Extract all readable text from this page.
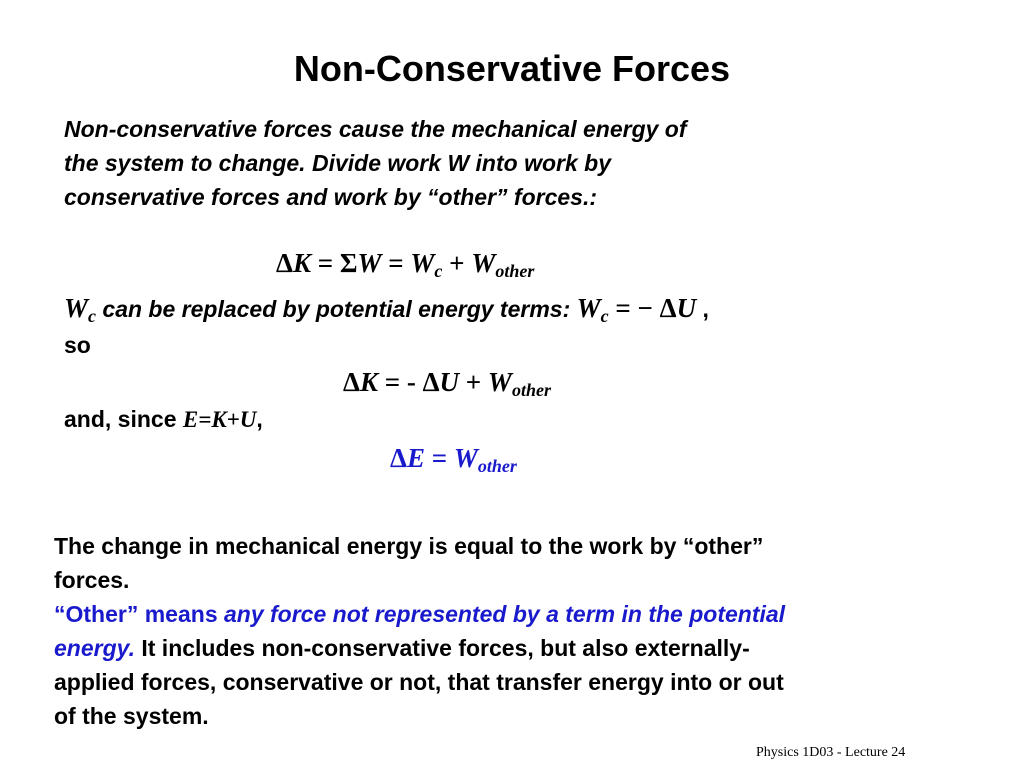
Non-Conservative Forces
Non-conservative forces cause the mechanical energy of
the system to change. Divide work W into work by
conservative forces and work by “other” forces.:
$\Delta K = \Sigma W = W_c + W_{other}$
$W_c$ can be replaced by potential energy terms: $W_c$ = − ΔU ,
so
ΔK = - $\Delta U + W_{other}$
and, since E=K+U,
$\Delta E = W_{other}$
The change in mechanical energy is equal to the work by “other”
forces.
“Other” means any force not represented by a term in the potential
energy. It includes non-conservative forces, but also externally-
applied forces, conservative or not, that transfer energy into or out
of the system.
Physics 1D03 - Lecture 24
